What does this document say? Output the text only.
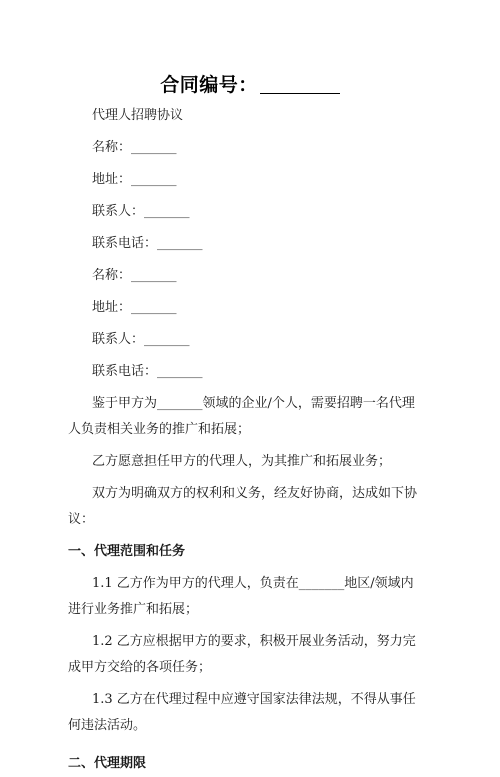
合同编号：
代理人招聘协议
名称：_______
地址：_______
联系人：_______
联系电话：_______
名称：_______
地址：_______
联系人：_______
联系电话：_______

鉴于甲方为_______领域的企业/个人，需要招聘一名代理人负责相关业务的推广和拓展；

乙方愿意担任甲方的代理人，为其推广和拓展业务；

双方为明确双方的权利和义务，经友好协商，达成如下协议：

一、代理范围和任务

1.1 乙方作为甲方的代理人，负责在_______地区/领域内进行业务推广和拓展；

1.2 乙方应根据甲方的要求，积极开展业务活动，努力完成甲方交给的各项任务；

1.3 乙方在代理过程中应遵守国家法律法规，不得从事任何违法活动。

二、代理期限
